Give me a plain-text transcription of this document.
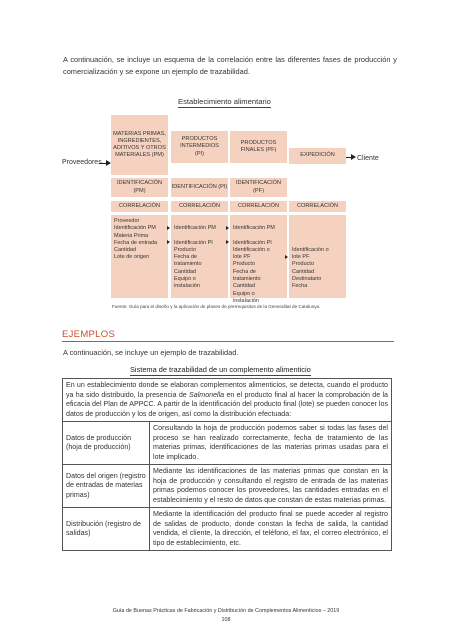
A continuación, se incluye un esquema de la correlación entre las diferentes fases de producción y comercialización y se expone un ejemplo de trazabilidad.
Establecimiento alimentario
Proveedores
Cliente
MATERIAS PRIMAS, INGREDIENTES, ADITIVOS Y OTROS MATERIALES (PM)
PRODUCTOS INTERMEDIOS (PI)
PRODUCTOS FINALES (PF)
EXPEDICIÓN
IDENTIFICACIÓN (PM)
IDENTIFICACIÓN (PI)
IDENTIFICACIÓN (PF)
CORRELACIÓN	CORRELACIÓN	CORRELACIÓN	CORRELACIÓN
Proveedor
Identificación PM
Materia Prima
Fecha de entrada
Cantidad
Lote de origen
Identificación PM

Identificación PI
Producto
Fecha de
tratamiento
Cantidad
Equipo o
instalación
Identificación PM

Identificación PI
Identificación o
lote PF
Producto
Fecha de
tratamiento
Cantidad
Equipo o
instalación

Identificación o
lote PF
Producto
Cantidad
Destinatario
Fecha
Fuente: Guía para el diseño y la aplicación de planes de prerrequisitos de la Generalitat de Catalunya.
EJEMPLOS
A continuación, se incluye un ejemplo de trazabilidad.
Sistema de trazabilidad de un complemento alimenticio
En un establecimiento donde se elaboran complementos alimenticios, se detecta, cuando el producto ya ha sido distribuido, la presencia de Salmonella en el producto final al hacer la comprobación de la eficacia del Plan de APPCC. A partir de la identificación del producto final (lote) se pueden conocer los datos de producción y los de origen, así como la distribución efectuada:	
Datos de producción (hoja de producción)	Consultando la hoja de producción podemos saber si todas las fases del proceso se han realizado correctamente, fecha de tratamiento de las materias primas, identificaciones de las materias primas usadas para el lote implicado.
Datos del origen (registro de entradas de materias primas)	Mediante las identificaciones de las materias primas que constan en la hoja de producción y consultando el registro de entrada de las materias primas podemos conocer los proveedores, las cantidades entradas en el establecimiento y el resto de datos que constan de estas materias primas.
Distribución (registro de salidas)	Mediante la identificación del producto final se puede acceder al registro de salidas de producto, donde constan la fecha de salida, la cantidad vendida, el cliente, la dirección, el teléfono, el fax, el correo electrónico, el tipo de establecimiento, etc.
Guía de Buenas Prácticas de Fabricación y Distribución de Complementos Alimenticios – 2019
108
